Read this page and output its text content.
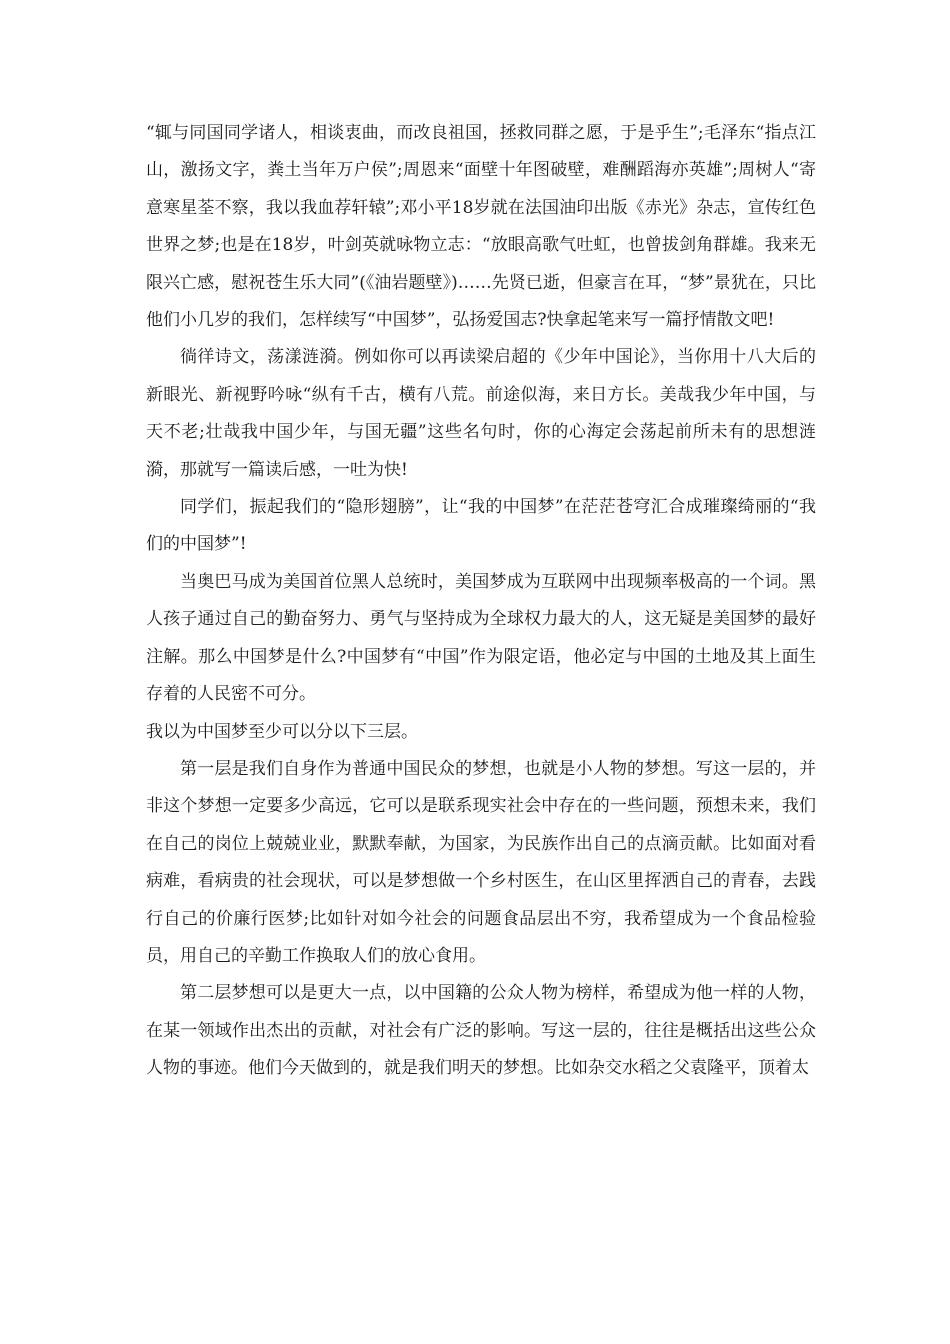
“辄与同国同学诸人，相谈衷曲，而改良祖国，拯救同群之愿，于是乎生”;毛泽东“指点江山，激扬文字，粪土当年万户侯”;周恩来“面壁十年图破壁，难酬蹈海亦英雄”;周树人“寄意寒星荃不察，我以我血荐轩辕”;邓小平18岁就在法国油印出版《赤光》杂志，宣传红色世界之梦;也是在18岁，叶剑英就咏物立志：“放眼高歌气吐虹，也曾拔剑角群雄。我来无限兴亡感，慰祝苍生乐大同”(《油岩题壁》)……先贤已逝，但豪言在耳，“梦”景犹在，只比他们小几岁的我们，怎样续写“中国梦”，弘扬爱国志?快拿起笔来写一篇抒情散文吧!

徜徉诗文，荡漾涟漪。例如你可以再读梁启超的《少年中国论》，当你用十八大后的新眼光、新视野吟咏“纵有千古，横有八荒。前途似海，来日方长。美哉我少年中国，与天不老;壮哉我中国少年，与国无疆”这些名句时，你的心海定会荡起前所未有的思想涟漪，那就写一篇读后感，一吐为快!

同学们，振起我们的“隐形翅膀”，让“我的中国梦”在茫茫苍穹汇合成璀璨绮丽的“我们的中国梦”!

当奥巴马成为美国首位黑人总统时，美国梦成为互联网中出现频率极高的一个词。黑人孩子通过自己的勤奋努力、勇气与坚持成为全球权力最大的人，这无疑是美国梦的最好注解。那么中国梦是什么?中国梦有“中国”作为限定语，他必定与中国的土地及其上面生存着的人民密不可分。

我以为中国梦至少可以分以下三层。

第一层是我们自身作为普通中国民众的梦想，也就是小人物的梦想。写这一层的，并非这个梦想一定要多少高远，它可以是联系现实社会中存在的一些问题，预想未来，我们在自己的岗位上兢兢业业，默默奉献，为国家，为民族作出自己的点滴贡献。比如面对看病难，看病贵的社会现状，可以是梦想做一个乡村医生，在山区里挥洒自己的青春，去践行自己的价廉行医梦;比如针对如今社会的问题食品层出不穷，我希望成为一个食品检验员，用自己的辛勤工作换取人们的放心食用。

第二层梦想可以是更大一点，以中国籍的公众人物为榜样，希望成为他一样的人物，在某一领域作出杰出的贡献，对社会有广泛的影响。写这一层的，往往是概括出这些公众人物的事迹。他们今天做到的，就是我们明天的梦想。比如杂交水稻之父袁隆平，顶着太
